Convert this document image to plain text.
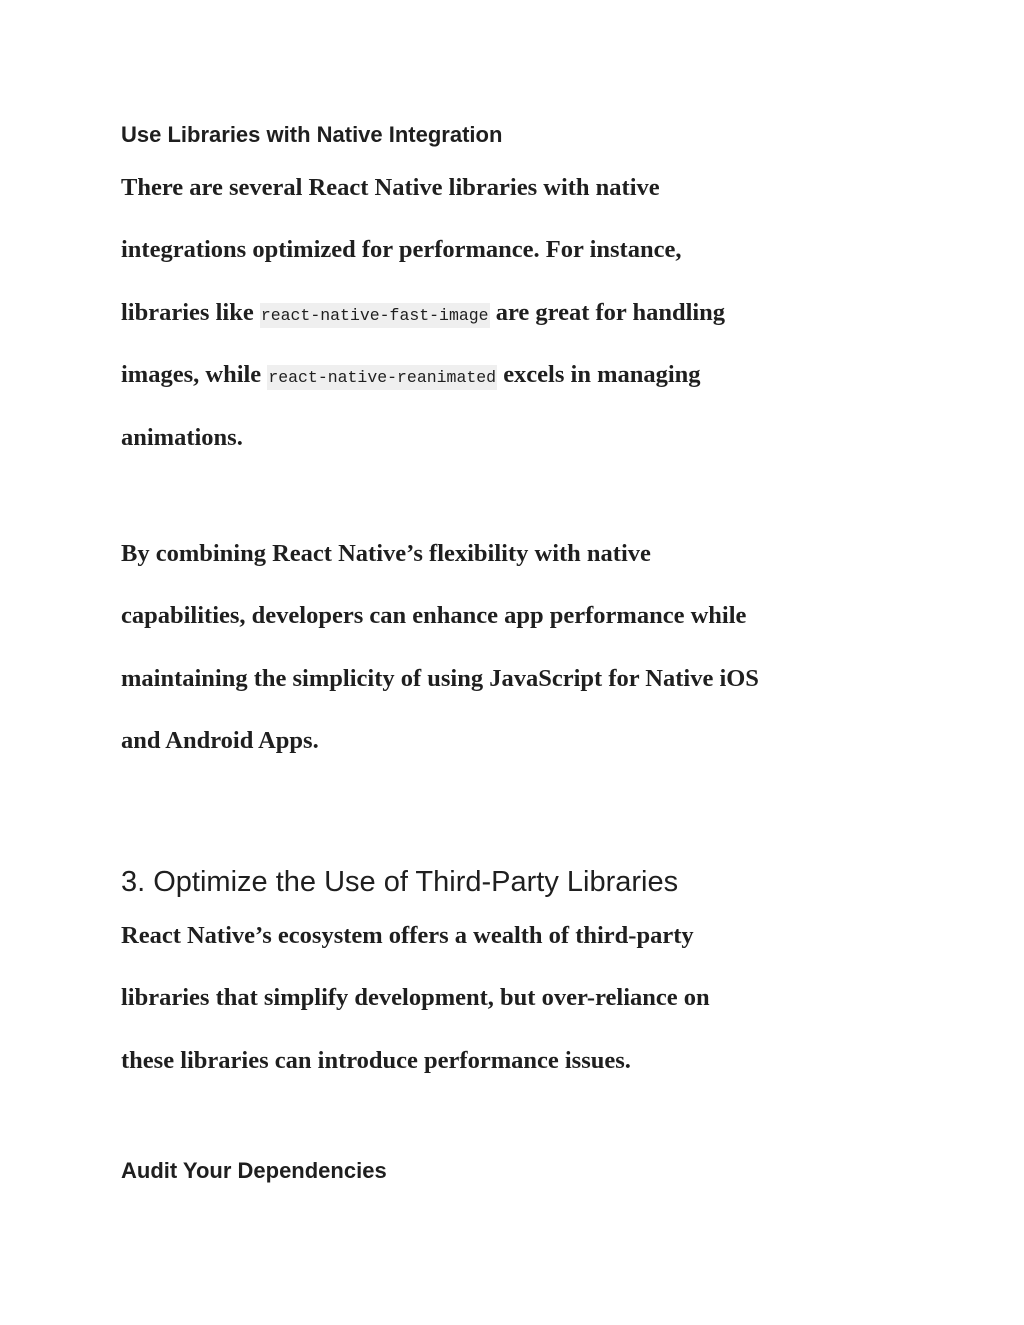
Use Libraries with Native Integration
There are several React Native libraries with native
integrations optimized for performance. For instance,
libraries like react-native-fast-image are great for handling
images, while react-native-reanimated excels in managing
animations.
By combining React Native’s flexibility with native
capabilities, developers can enhance app performance while
maintaining the simplicity of using JavaScript for Native iOS
and Android Apps.
3. Optimize the Use of Third-Party Libraries
React Native’s ecosystem offers a wealth of third-party
libraries that simplify development, but over-reliance on
these libraries can introduce performance issues.
Audit Your Dependencies
